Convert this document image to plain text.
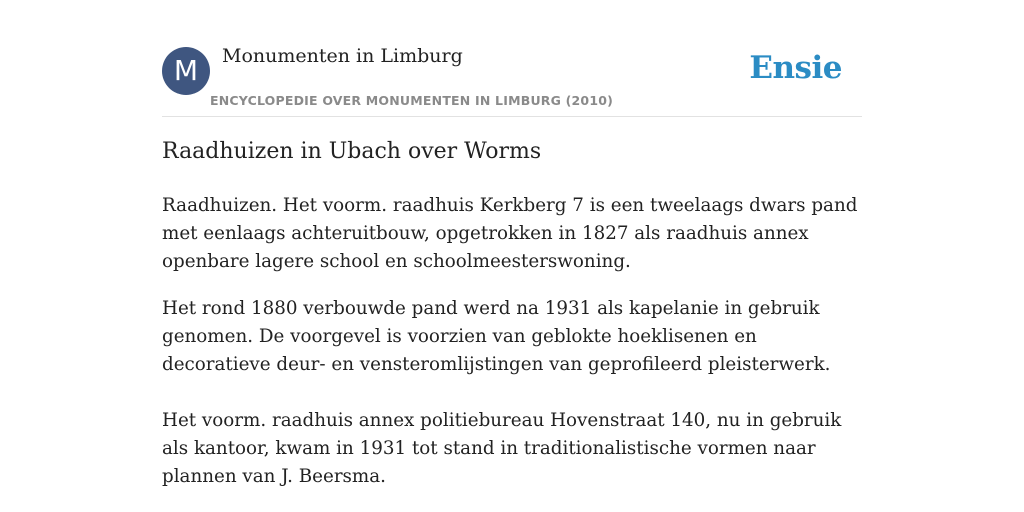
M	Monumenten in Limburg
ENCYCLOPEDIE OVER MONUMENTEN IN LIMBURG (2010)
Ensie
Raadhuizen in Ubach over Worms

Raadhuizen. Het voorm. raadhuis Kerkberg 7 is een tweelaags dwars pand met eenlaags achteruitbouw, opgetrokken in 1827 als raadhuis annex openbare lagere school en schoolmeesterswoning.

Het rond 1880 verbouwde pand werd na 1931 als kapelanie in gebruik genomen. De voorgevel is voorzien van geblokte hoeklisenen en decoratieve deur- en vensteromlijstingen van geprofileerd pleisterwerk.

Het voorm. raadhuis annex politiebureau Hovenstraat 140, nu in gebruik als kantoor, kwam in 1931 tot stand in traditionalistische vormen naar plannen van J. Beersma.
